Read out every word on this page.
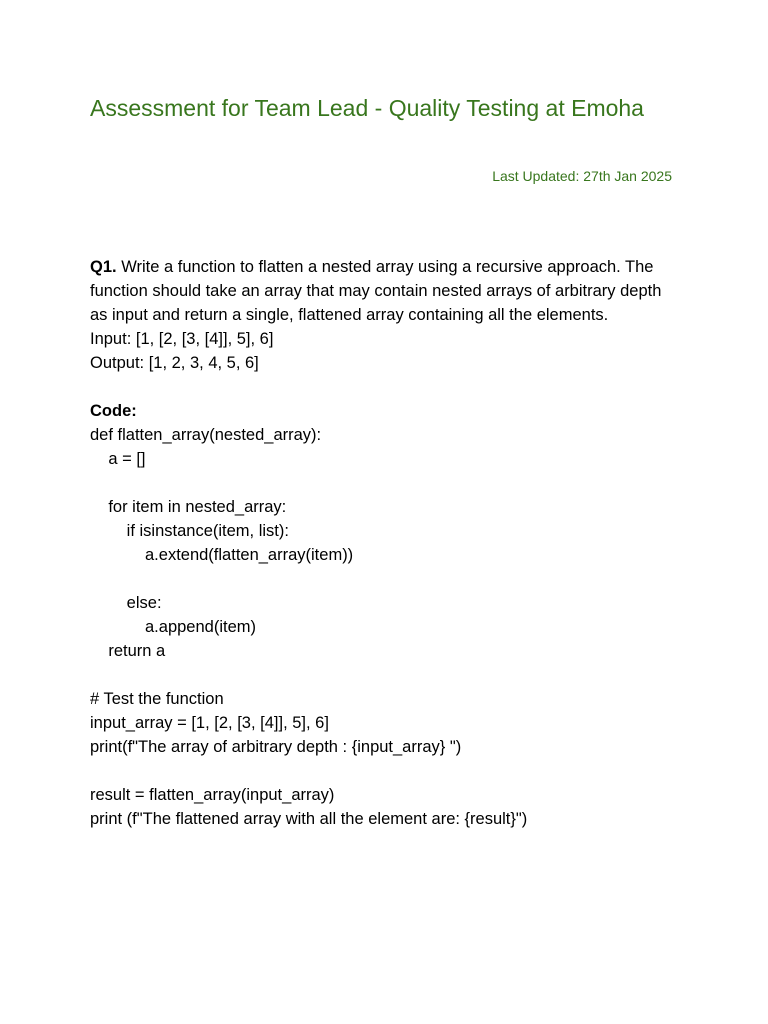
Assessment for Team Lead - Quality Testing at Emoha
Last Updated: 27th Jan 2025

Q1. Write a function to flatten a nested array using a recursive approach. The function should take an array that may contain nested arrays of arbitrary depth as input and return a single, flattened array containing all the elements.

Input: [1, [2, [3, [4]], 5], 6]
Output: [1, 2, 3, 4, 5, 6]
Code:
def flatten_array(nested_array):
a = []
for item in nested_array:
if isinstance(item, list):
a.extend(flatten_array(item))
else:
a.append(item)
return a
# Test the function
input_array = [1, [2, [3, [4]], 5], 6]
print(f"The array of arbitrary depth : {input_array} ")
result = flatten_array(input_array)
print (f"The flattened array with all the element are: {result}")
